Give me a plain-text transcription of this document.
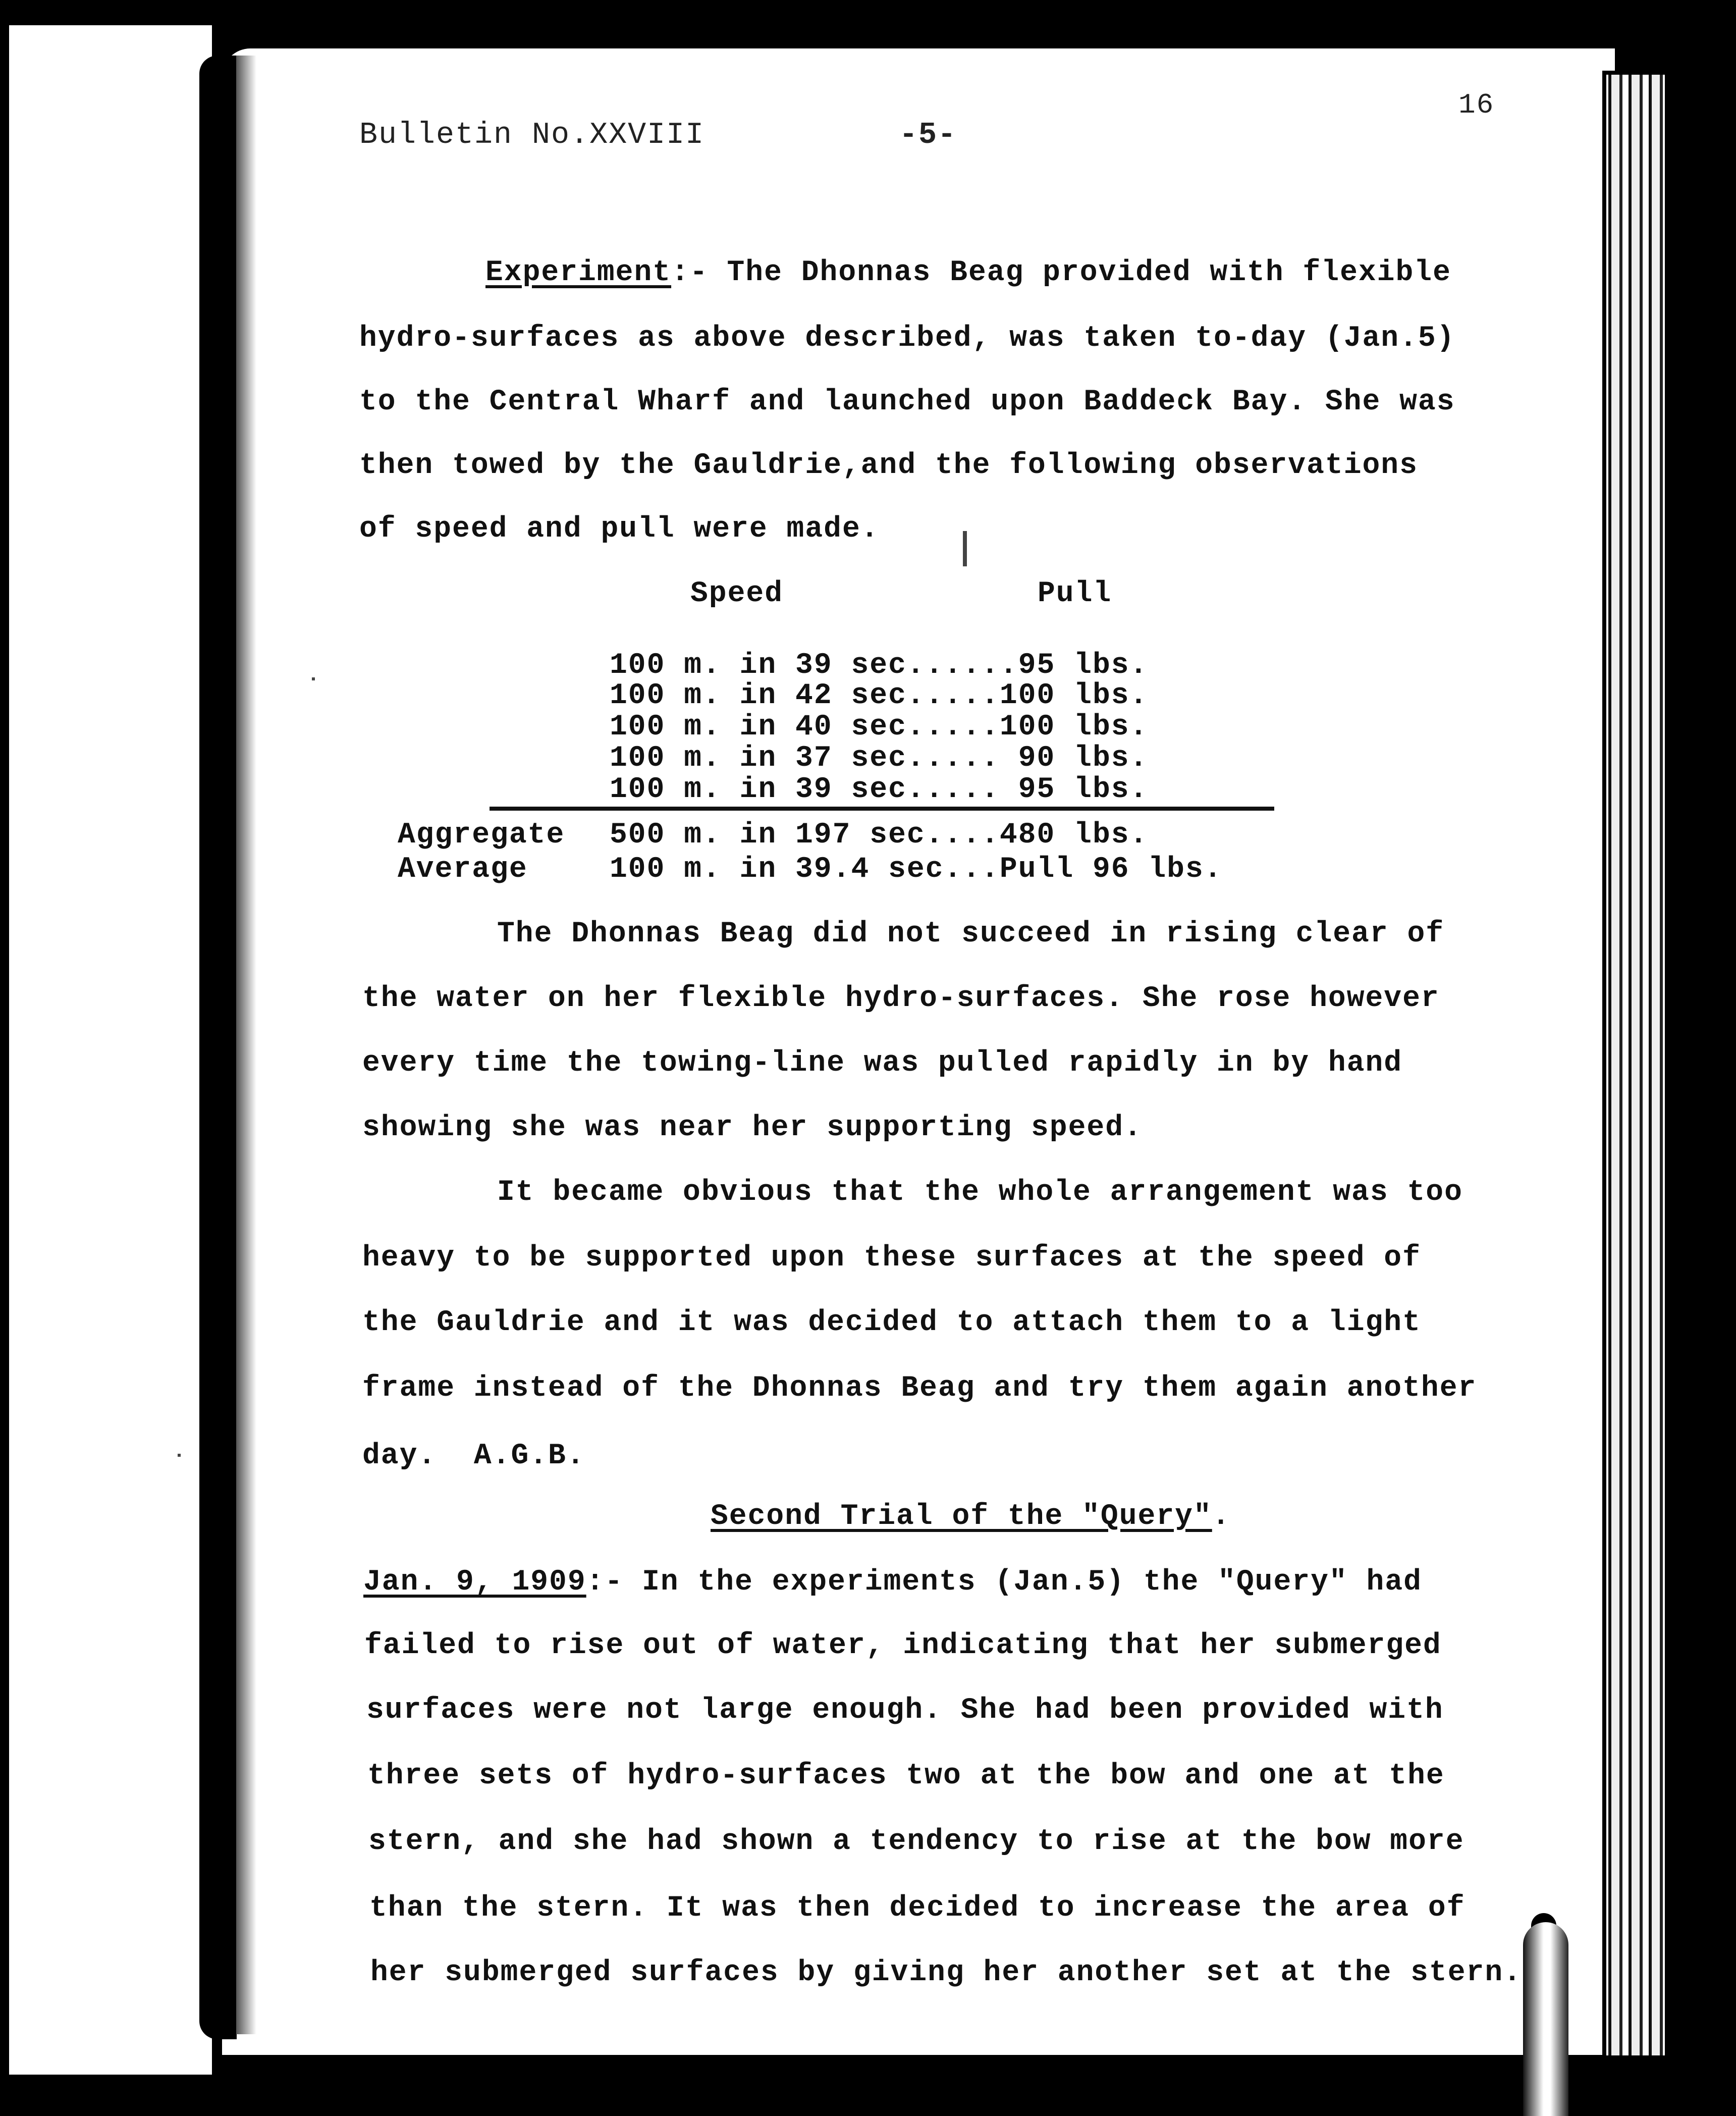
Bulletin No.XXVIII	-5-
16
Experiment:- The Dhonnas Beag provided with flexible
hydro-surfaces as above described, was taken to-day (Jan.5)
to the Central Wharf and launched upon Baddeck Bay. She was
then towed by the Gauldrie,and the following observations
of speed and pull were made.
Speed	Pull
100 m. in 39 sec......95 lbs.
100 m. in 42 sec.....100 lbs.
100 m. in 40 sec.....100 lbs.
100 m. in 37 sec..... 90 lbs.
100 m. in 39 sec..... 95 lbs.
Aggregate 500 m. in 197 sec....480 lbs.
Average	100 m. in 39.4 sec...Pull 96 lbs.
The Dhonnas Beag did not succeed in rising clear of
the water on her flexible hydro-surfaces. She rose however
every time the towing-line was pulled rapidly in by hand
showing she was near her supporting speed.
It became obvious that the whole arrangement was too
heavy to be supported upon these surfaces at the speed of
the Gauldrie and it was decided to attach them to a light
frame instead of the Dhonnas Beag and try them again another
day.  A.G.B.
Second Trial of the "Query".
Jan. 9, 1909:- In the experiments (Jan.5) the "Query" had
failed to rise out of water, indicating that her submerged
surfaces were not large enough. She had been provided with
three sets of hydro-surfaces two at the bow and one at the
stern, and she had shown a tendency to rise at the bow more
than the stern. It was then decided to increase the area of
her submerged surfaces by giving her another set at the stern.
